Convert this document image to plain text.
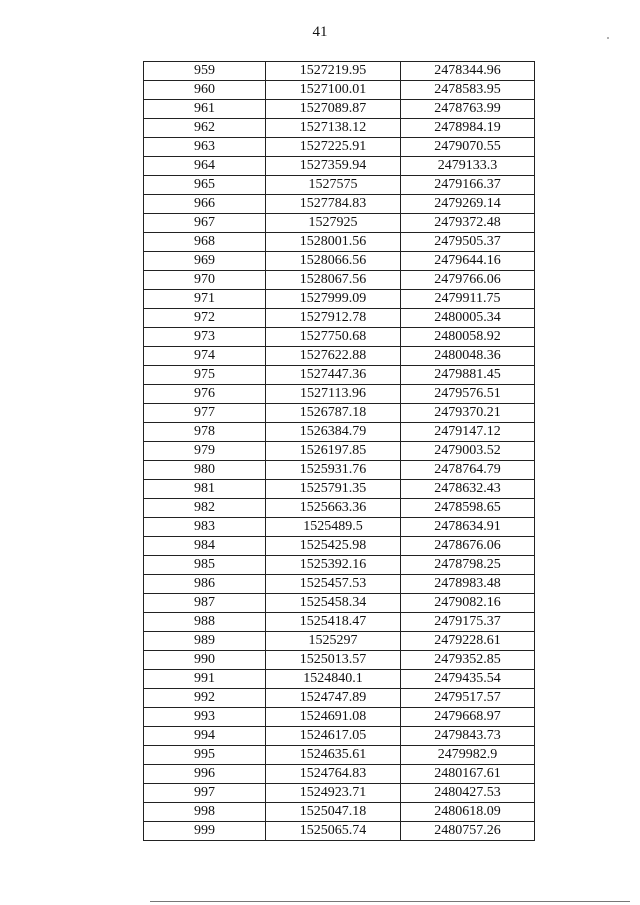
41
959	1527219.95	2478344.96
960	1527100.01	2478583.95
961	1527089.87	2478763.99
962	1527138.12	2478984.19
963	1527225.91	2479070.55
964	1527359.94	2479133.3
965	1527575	2479166.37
966	1527784.83	2479269.14
967	1527925	2479372.48
968	1528001.56	2479505.37
969	1528066.56	2479644.16
970	1528067.56	2479766.06
971	1527999.09	2479911.75
972	1527912.78	2480005.34
973	1527750.68	2480058.92
974	1527622.88	2480048.36
975	1527447.36	2479881.45
976	1527113.96	2479576.51
977	1526787.18	2479370.21
978	1526384.79	2479147.12
979	1526197.85	2479003.52
980	1525931.76	2478764.79
981	1525791.35	2478632.43
982	1525663.36	2478598.65
983	1525489.5	2478634.91
984	1525425.98	2478676.06
985	1525392.16	2478798.25
986	1525457.53	2478983.48
987	1525458.34	2479082.16
988	1525418.47	2479175.37
989	1525297	2479228.61
990	1525013.57	2479352.85
991	1524840.1	2479435.54
992	1524747.89	2479517.57
993	1524691.08	2479668.97
994	1524617.05	2479843.73
995	1524635.61	2479982.9
996	1524764.83	2480167.61
997	1524923.71	2480427.53
998	1525047.18	2480618.09
999	1525065.74	2480757.26
